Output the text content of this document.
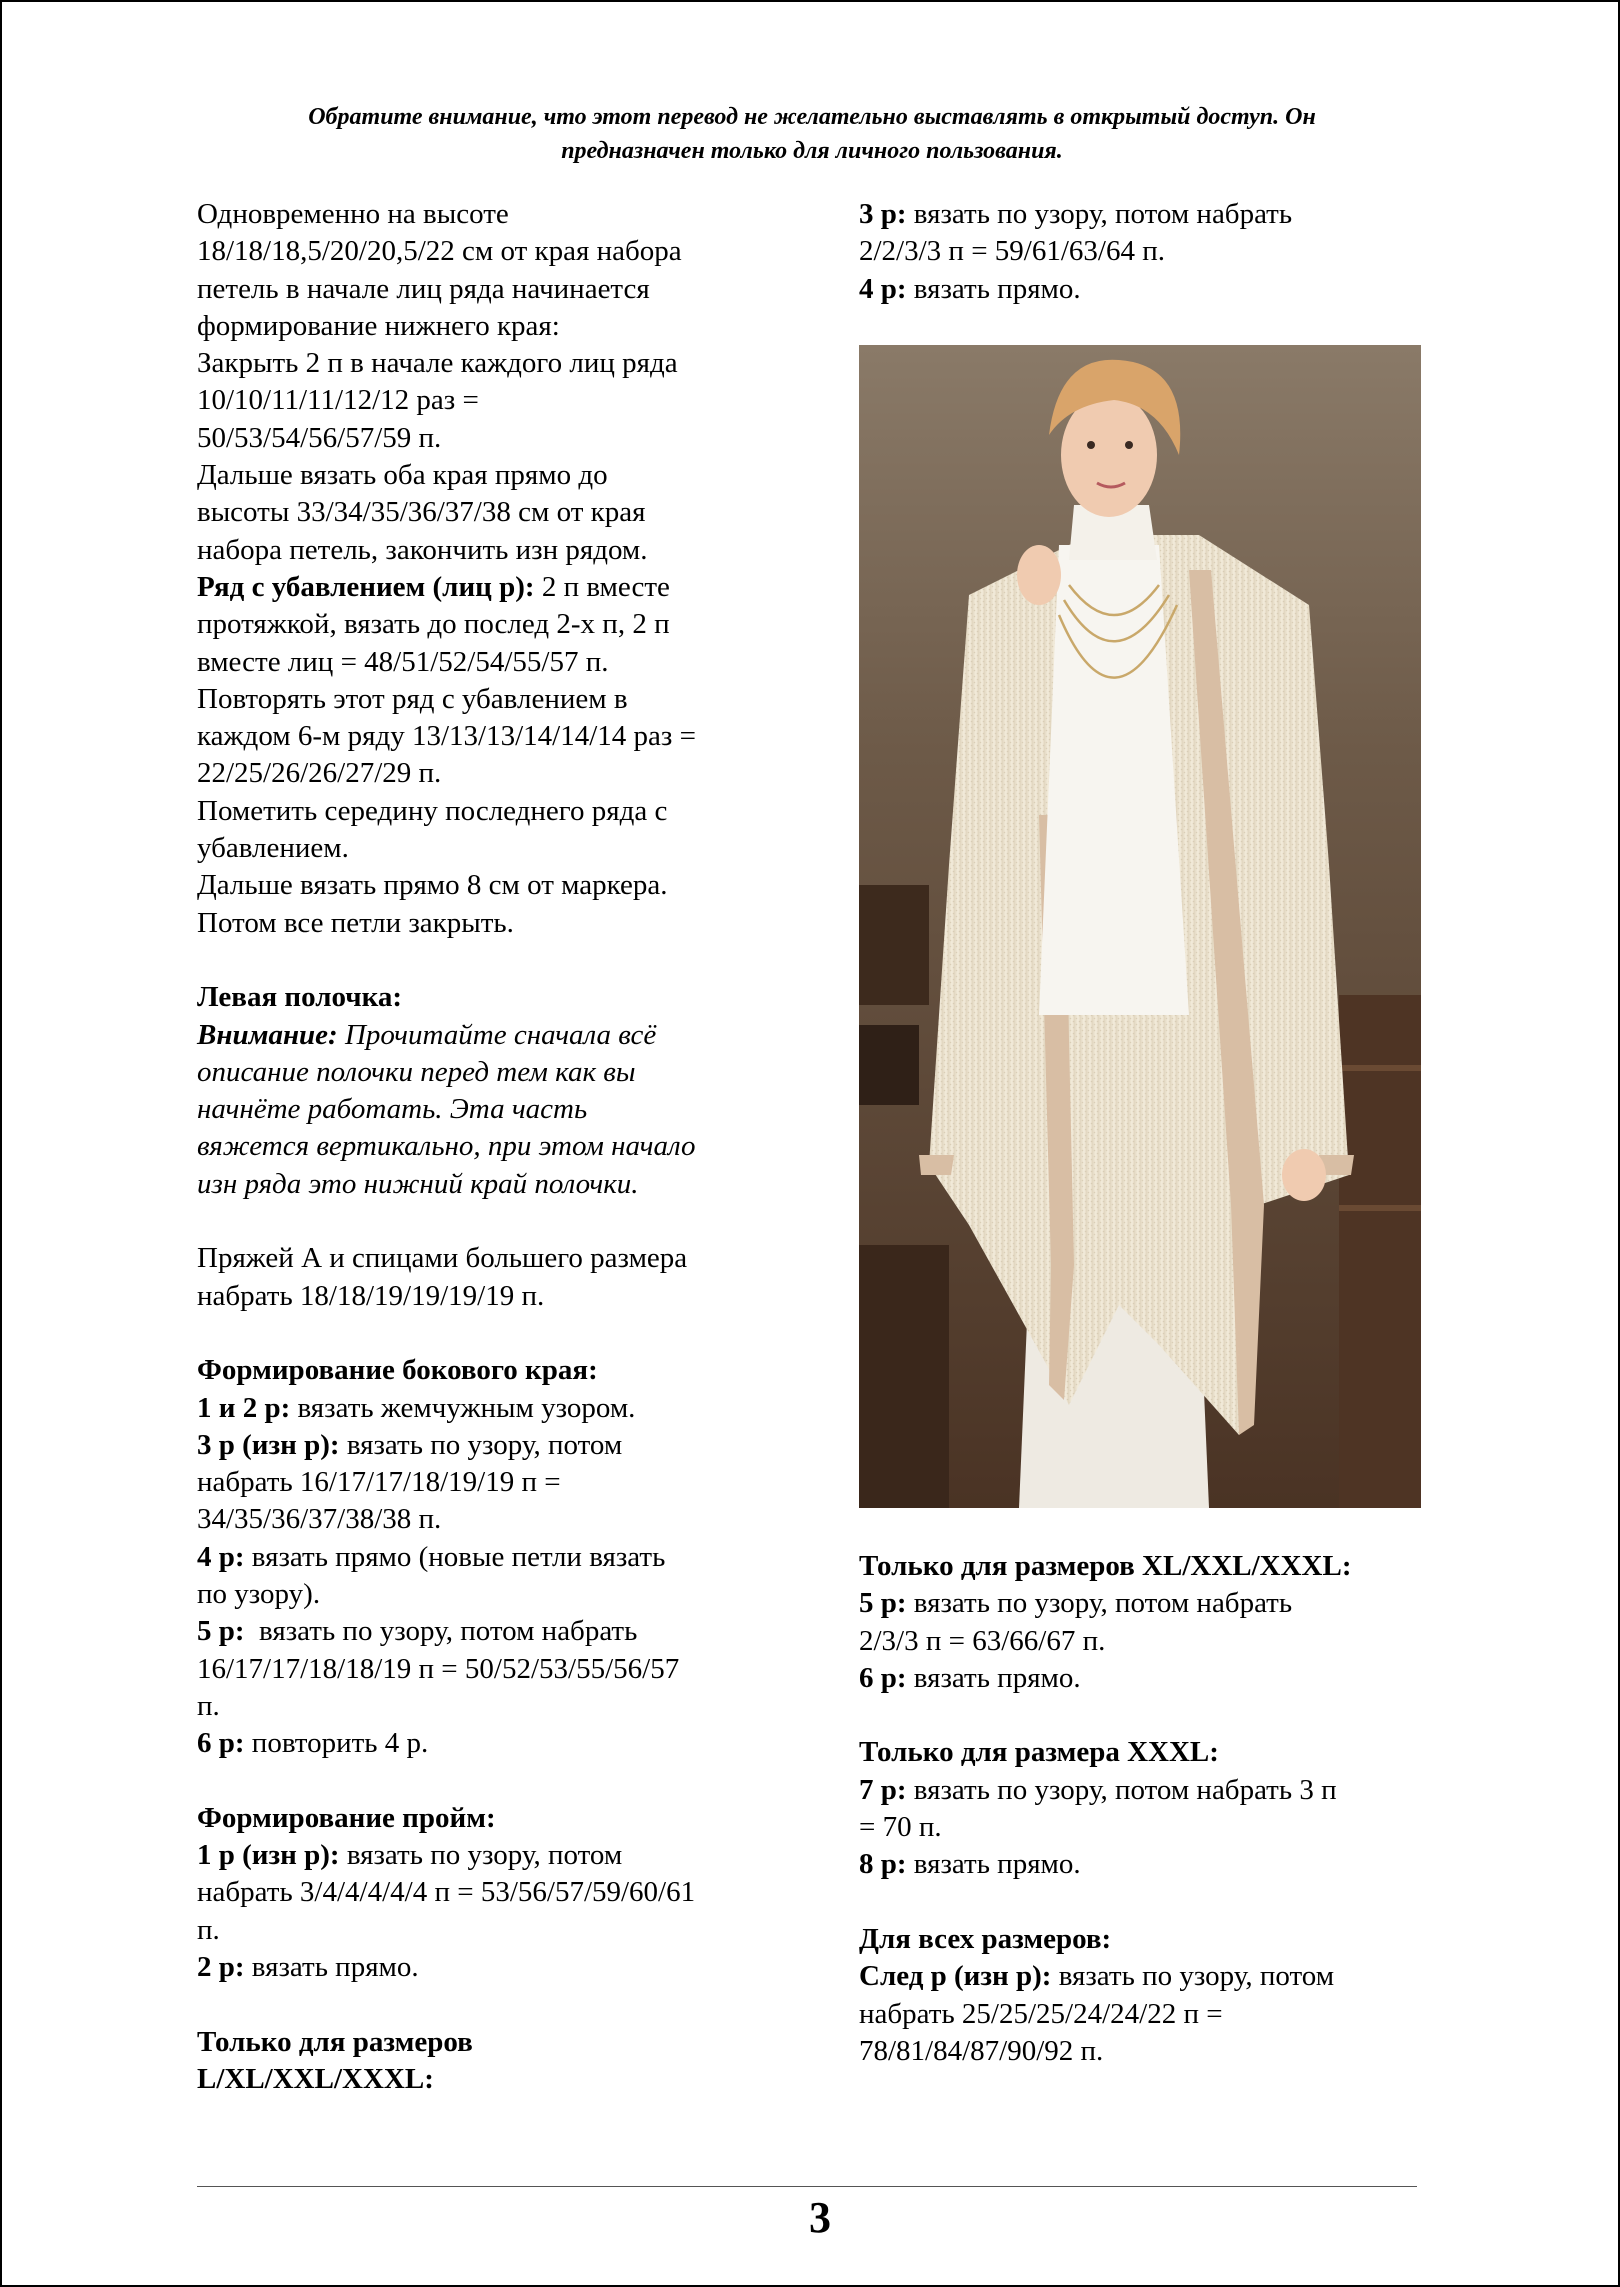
Обратите внимание, что этот перевод не желательно выставлять в открытый доступ. Он
предназначен только для личного пользования.

Одновременно на высоте

18/18/18,5/20/20,5/22 см от края набора

петель в начале лиц ряда начинается

формирование нижнего края:

Закрыть 2 п в начале каждого лиц ряда

10/10/11/11/12/12 раз =

50/53/54/56/57/59 п.

Дальше вязать оба края прямо до

высоты 33/34/35/36/37/38 см от края

набора петель, закончить изн рядом.

Ряд с убавлением (лиц р): 2 п вместе

протяжкой, вязать до послед 2-х п, 2 п

вместе лиц = 48/51/52/54/55/57 п.

Повторять этот ряд с убавлением в

каждом 6-м ряду 13/13/13/14/14/14 раз =

22/25/26/26/27/29 п.

Пометить середину последнего ряда с

убавлением.

Дальше вязать прямо 8 см от маркера.

Потом все петли закрыть.

Левая полочка:

Внимание: Прочитайте сначала всё

описание полочки перед тем как вы

начнёте работать. Эта часть

вяжется вертикально, при этом начало

изн ряда это нижний край полочки.

Пряжей А и спицами большего размера

набрать 18/18/19/19/19/19 п.

Формирование бокового края:

1 и 2 р: вязать жемчужным узором.

3 р (изн р): вязать по узору, потом

набрать 16/17/17/18/19/19 п =

34/35/36/37/38/38 п.

4 р: вязать прямо (новые петли вязать

по узору).

5 р:  вязать по узору, потом набрать

16/17/17/18/18/19 п = 50/52/53/55/56/57

п.

6 р: повторить 4 р.

Формирование пройм:

1 р (изн р): вязать по узору, потом

набрать 3/4/4/4/4/4 п = 53/56/57/59/60/61

п.

2 р: вязать прямо.

Только для размеров

L/XL/XXL/XXXL:

3 р: вязать по узору, потом набрать

2/2/3/3 п = 59/61/63/64 п.

4 р: вязать прямо.

Только для размеров XL/XXL/XXXL:

5 р: вязать по узору, потом набрать

2/3/3 п = 63/66/67 п.

6 р: вязать прямо.

Только для размера XXXL:

7 р: вязать по узору, потом набрать 3 п

= 70 п.

8 р: вязать прямо.

Для всех размеров:

След р (изн р): вязать по узору, потом

набрать 25/25/25/24/24/22 п =

78/81/84/87/90/92 п.

3
